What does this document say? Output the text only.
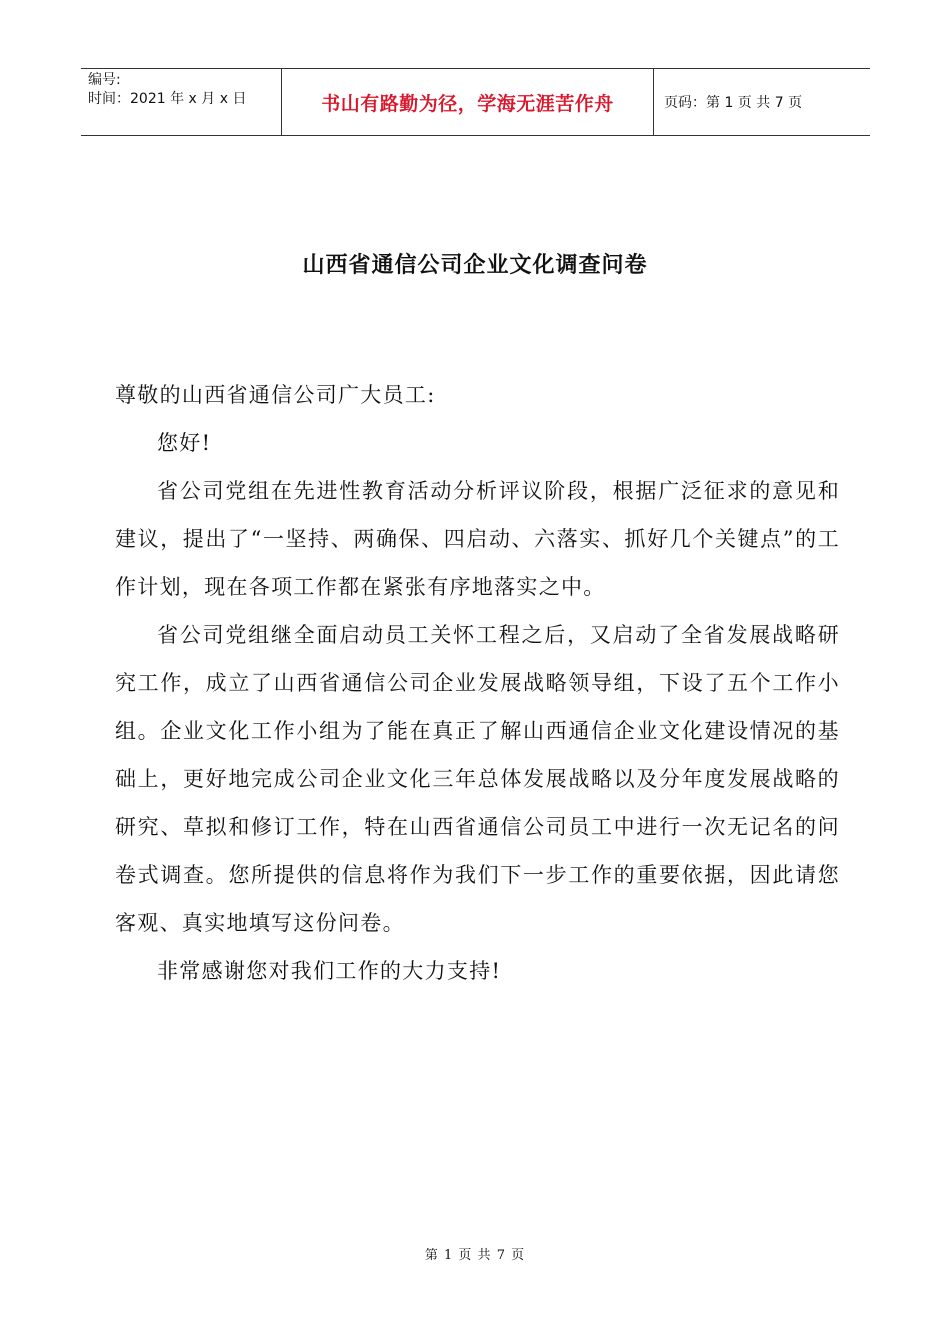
编号:
时间：2021 年 x 月 x 日	书山有路勤为径，学海无涯苦作舟	页码：第 1 页 共 7 页
山西省通信公司企业文化调查问卷

尊敬的山西省通信公司广大员工:

您好!

省公司党组在先进性教育活动分析评议阶段，根据广泛征求的意见和建议，提出了“一坚持、两确保、四启动、六落实、抓好几个关键点”的工作计划，现在各项工作都在紧张有序地落实之中。

省公司党组继全面启动员工关怀工程之后，又启动了全省发展战略研究工作，成立了山西省通信公司企业发展战略领导组，下设了五个工作小组。企业文化工作小组为了能在真正了解山西通信企业文化建设情况的基础上，更好地完成公司企业文化三年总体发展战略以及分年度发展战略的研究、草拟和修订工作，特在山西省通信公司员工中进行一次无记名的问卷式调查。您所提供的信息将作为我们下一步工作的重要依据，因此请您客观、真实地填写这份问卷。

非常感谢您对我们工作的大力支持!

第 1 页 共 7 页
